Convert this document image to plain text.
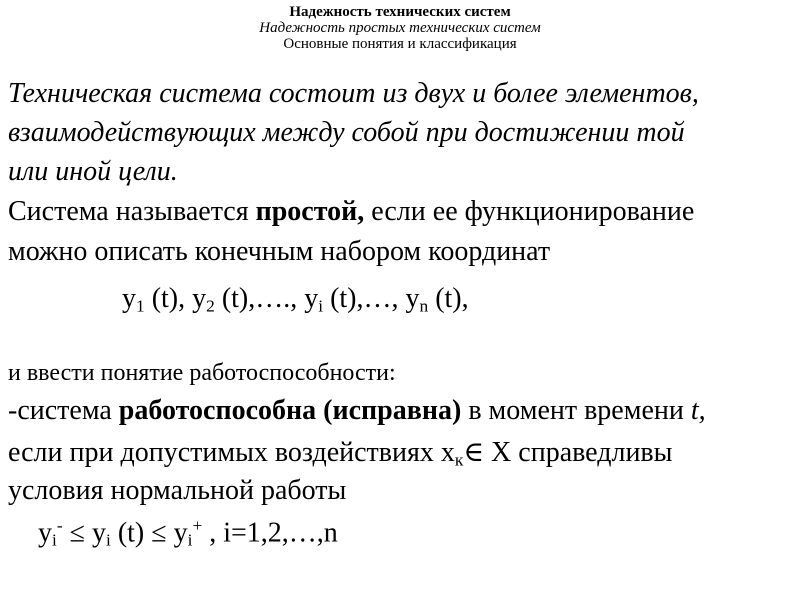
Надежность технических систем
Надежность простых технических систем
Основные понятия и классификация
Техническая система состоит из двух и более элементов,
взаимодействующих между собой при достижении той
или иной цели.
Система называется простой, если ее функционирование
можно описать конечным набором координат
$y_1$ (t), $y_2$ (t),…., $y_i$ (t),…, $y_n$ (t),
и ввести понятие работоспособности:
-система работоспособна (исправна) в момент времени t,
если при допустимых воздействиях $x_к\in$ X справедливы
условия нормальной работы
$y_i^- \le y_i$ $(t) \le y_i^+$ , i=1,2,…,n
